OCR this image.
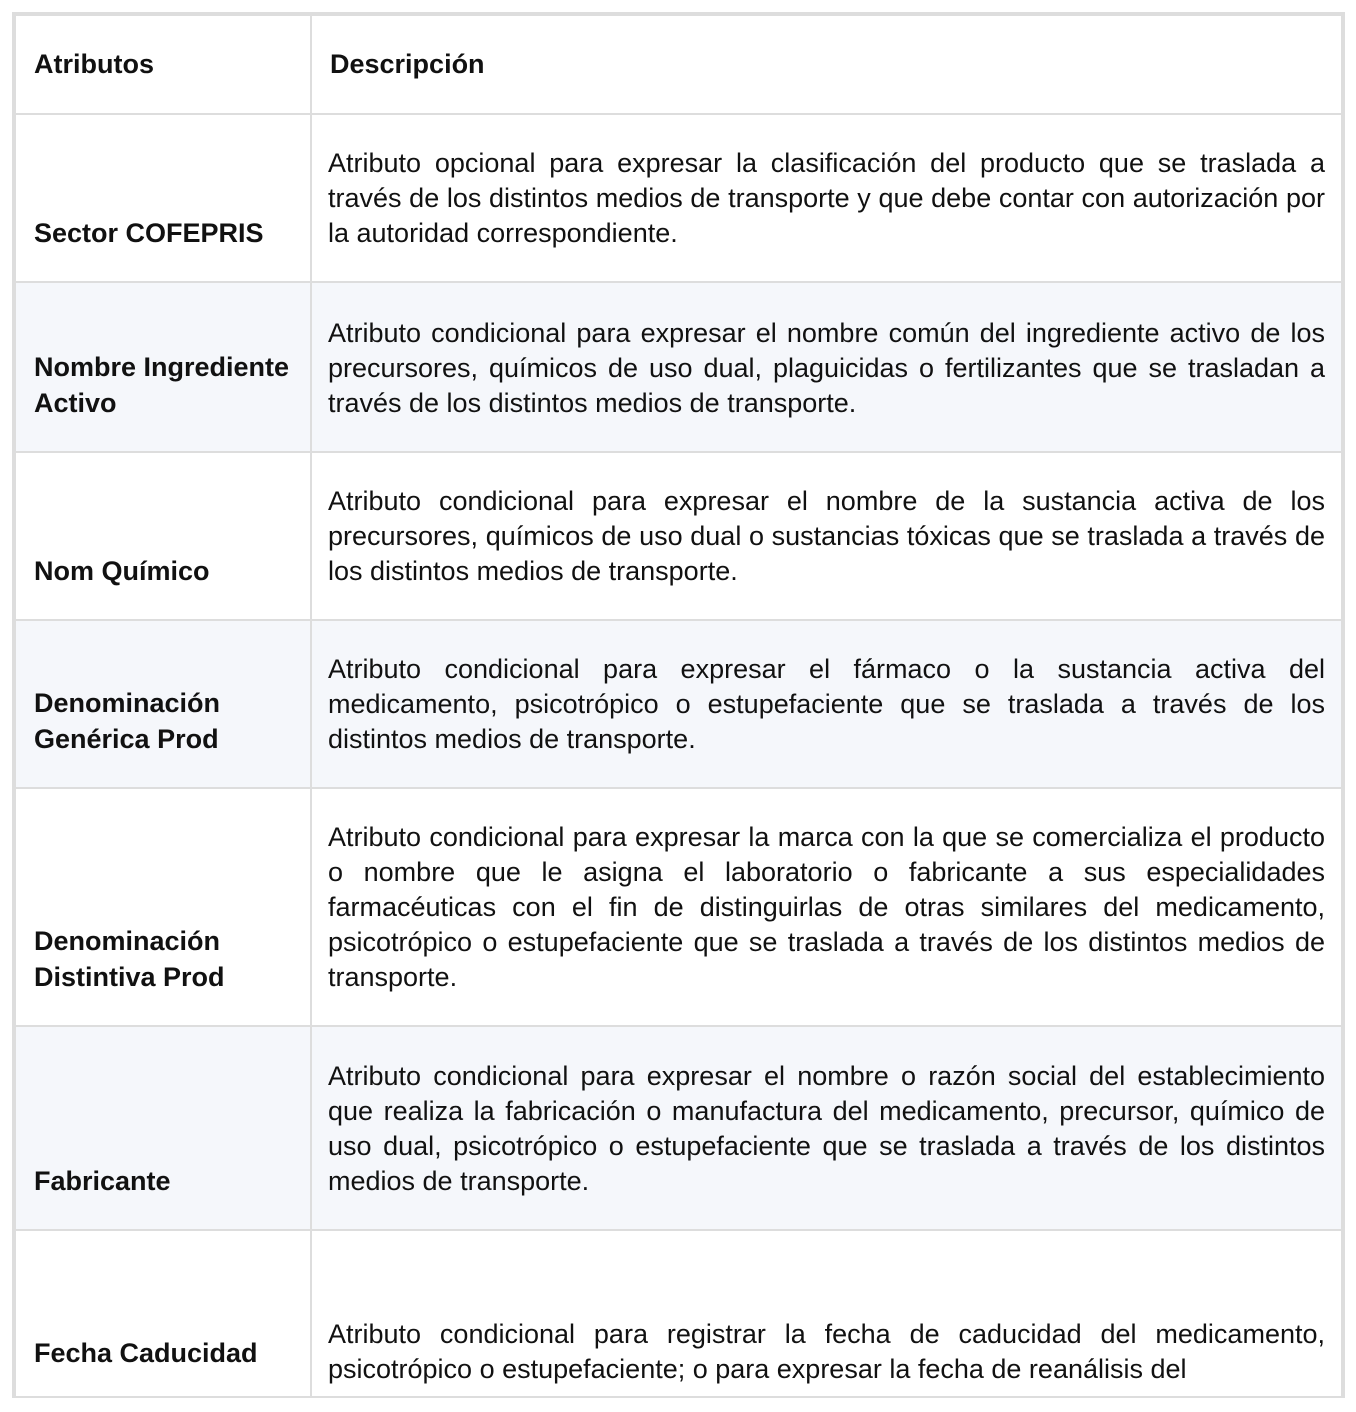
Atributos	Descripción
Sector COFEPRIS	Atributo opcional para expresar la clasificación del producto que se traslada a través de los distintos medios de transporte y que debe contar con autorización por la autoridad correspondiente.
Nombre Ingrediente Activo	Atributo condicional para expresar el nombre común del ingrediente activo de los precursores, químicos de uso dual, plaguicidas o fertilizantes que se trasladan a través de los distintos medios de transporte.
Nom Químico	Atributo condicional para expresar el nombre de la sustancia activa de los precursores, químicos de uso dual o sustancias tóxicas que se traslada a través de los distintos medios de transporte.
Denominación Genérica Prod	Atributo condicional para expresar el fármaco o la sustancia activa del medicamento, psicotrópico o estupefaciente que se traslada a través de los distintos medios de transporte.
Denominación Distintiva Prod	Atributo condicional para expresar la marca con la que se comercializa el producto o nombre que le asigna el laboratorio o fabricante a sus especialidades farmacéuticas con el fin de distinguirlas de otras similares del medicamento, psicotrópico o estupefaciente que se traslada a través de los distintos medios de transporte.
Fabricante	Atributo condicional para expresar el nombre o razón social del establecimiento que realiza la fabricación o manufactura del medicamento, precursor, químico de uso dual, psicotrópico o estupefaciente que se traslada a través de los distintos medios de transporte.
Fecha Caducidad	Atributo condicional para registrar la fecha de caducidad del medicamento, psicotrópico o estupefaciente; o para expresar la fecha de reanálisis del
